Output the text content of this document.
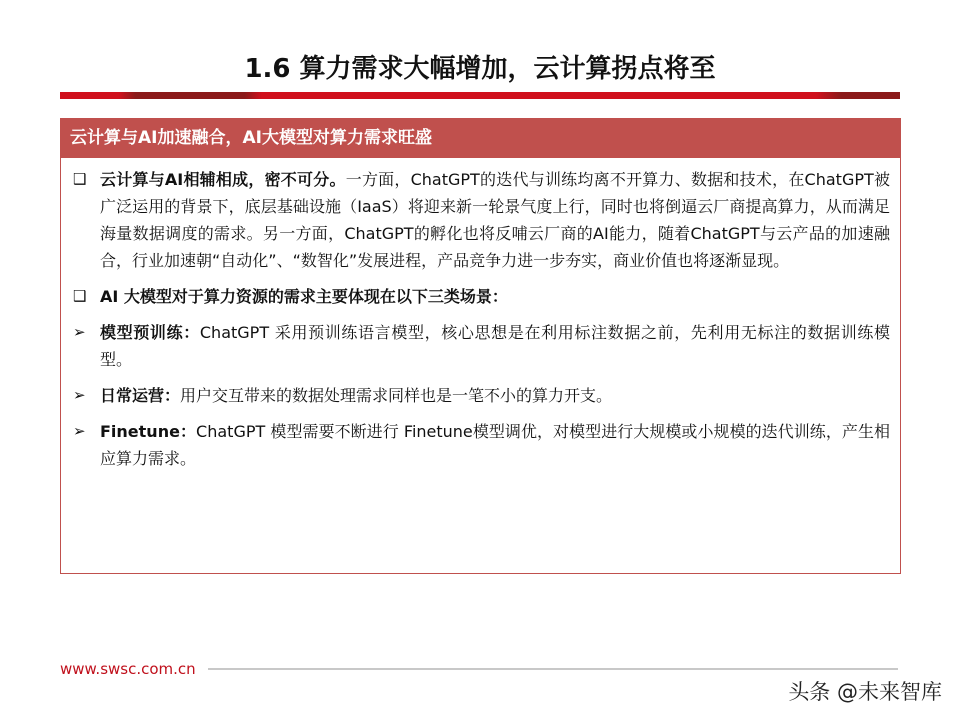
1.6 算力需求大幅增加，云计算拐点将至
云计算与AI加速融合，AI大模型对算力需求旺盛
❑ 云计算与AI相辅相成，密不可分。一方面，ChatGPT的迭代与训练均离不开算力、数据和技术，在ChatGPT被广泛运用的背景下，底层基础设施（IaaS）将迎来新一轮景气度上行，同时也将倒逼云厂商提高算力，从而满足海量数据调度的需求。另一方面，ChatGPT的孵化也将反哺云厂商的AI能力，随着ChatGPT与云产品的加速融合，行业加速朝“自动化”、“数智化”发展进程，产品竞争力进一步夯实，商业价值也将逐渐显现。
❑ AI 大模型对于算力资源的需求主要体现在以下三类场景：
➢ 模型预训练：ChatGPT 采用预训练语言模型，核心思想是在利用标注数据之前，先利用无标注的数据训练模型。
➢ 日常运营：用户交互带来的数据处理需求同样也是一笔不小的算力开支。
➢ Finetune：ChatGPT 模型需要不断进行 Finetune模型调优，对模型进行大规模或小规模的迭代训练，产生相应算力需求。
www.swsc.com.cn
头条 @未来智库
